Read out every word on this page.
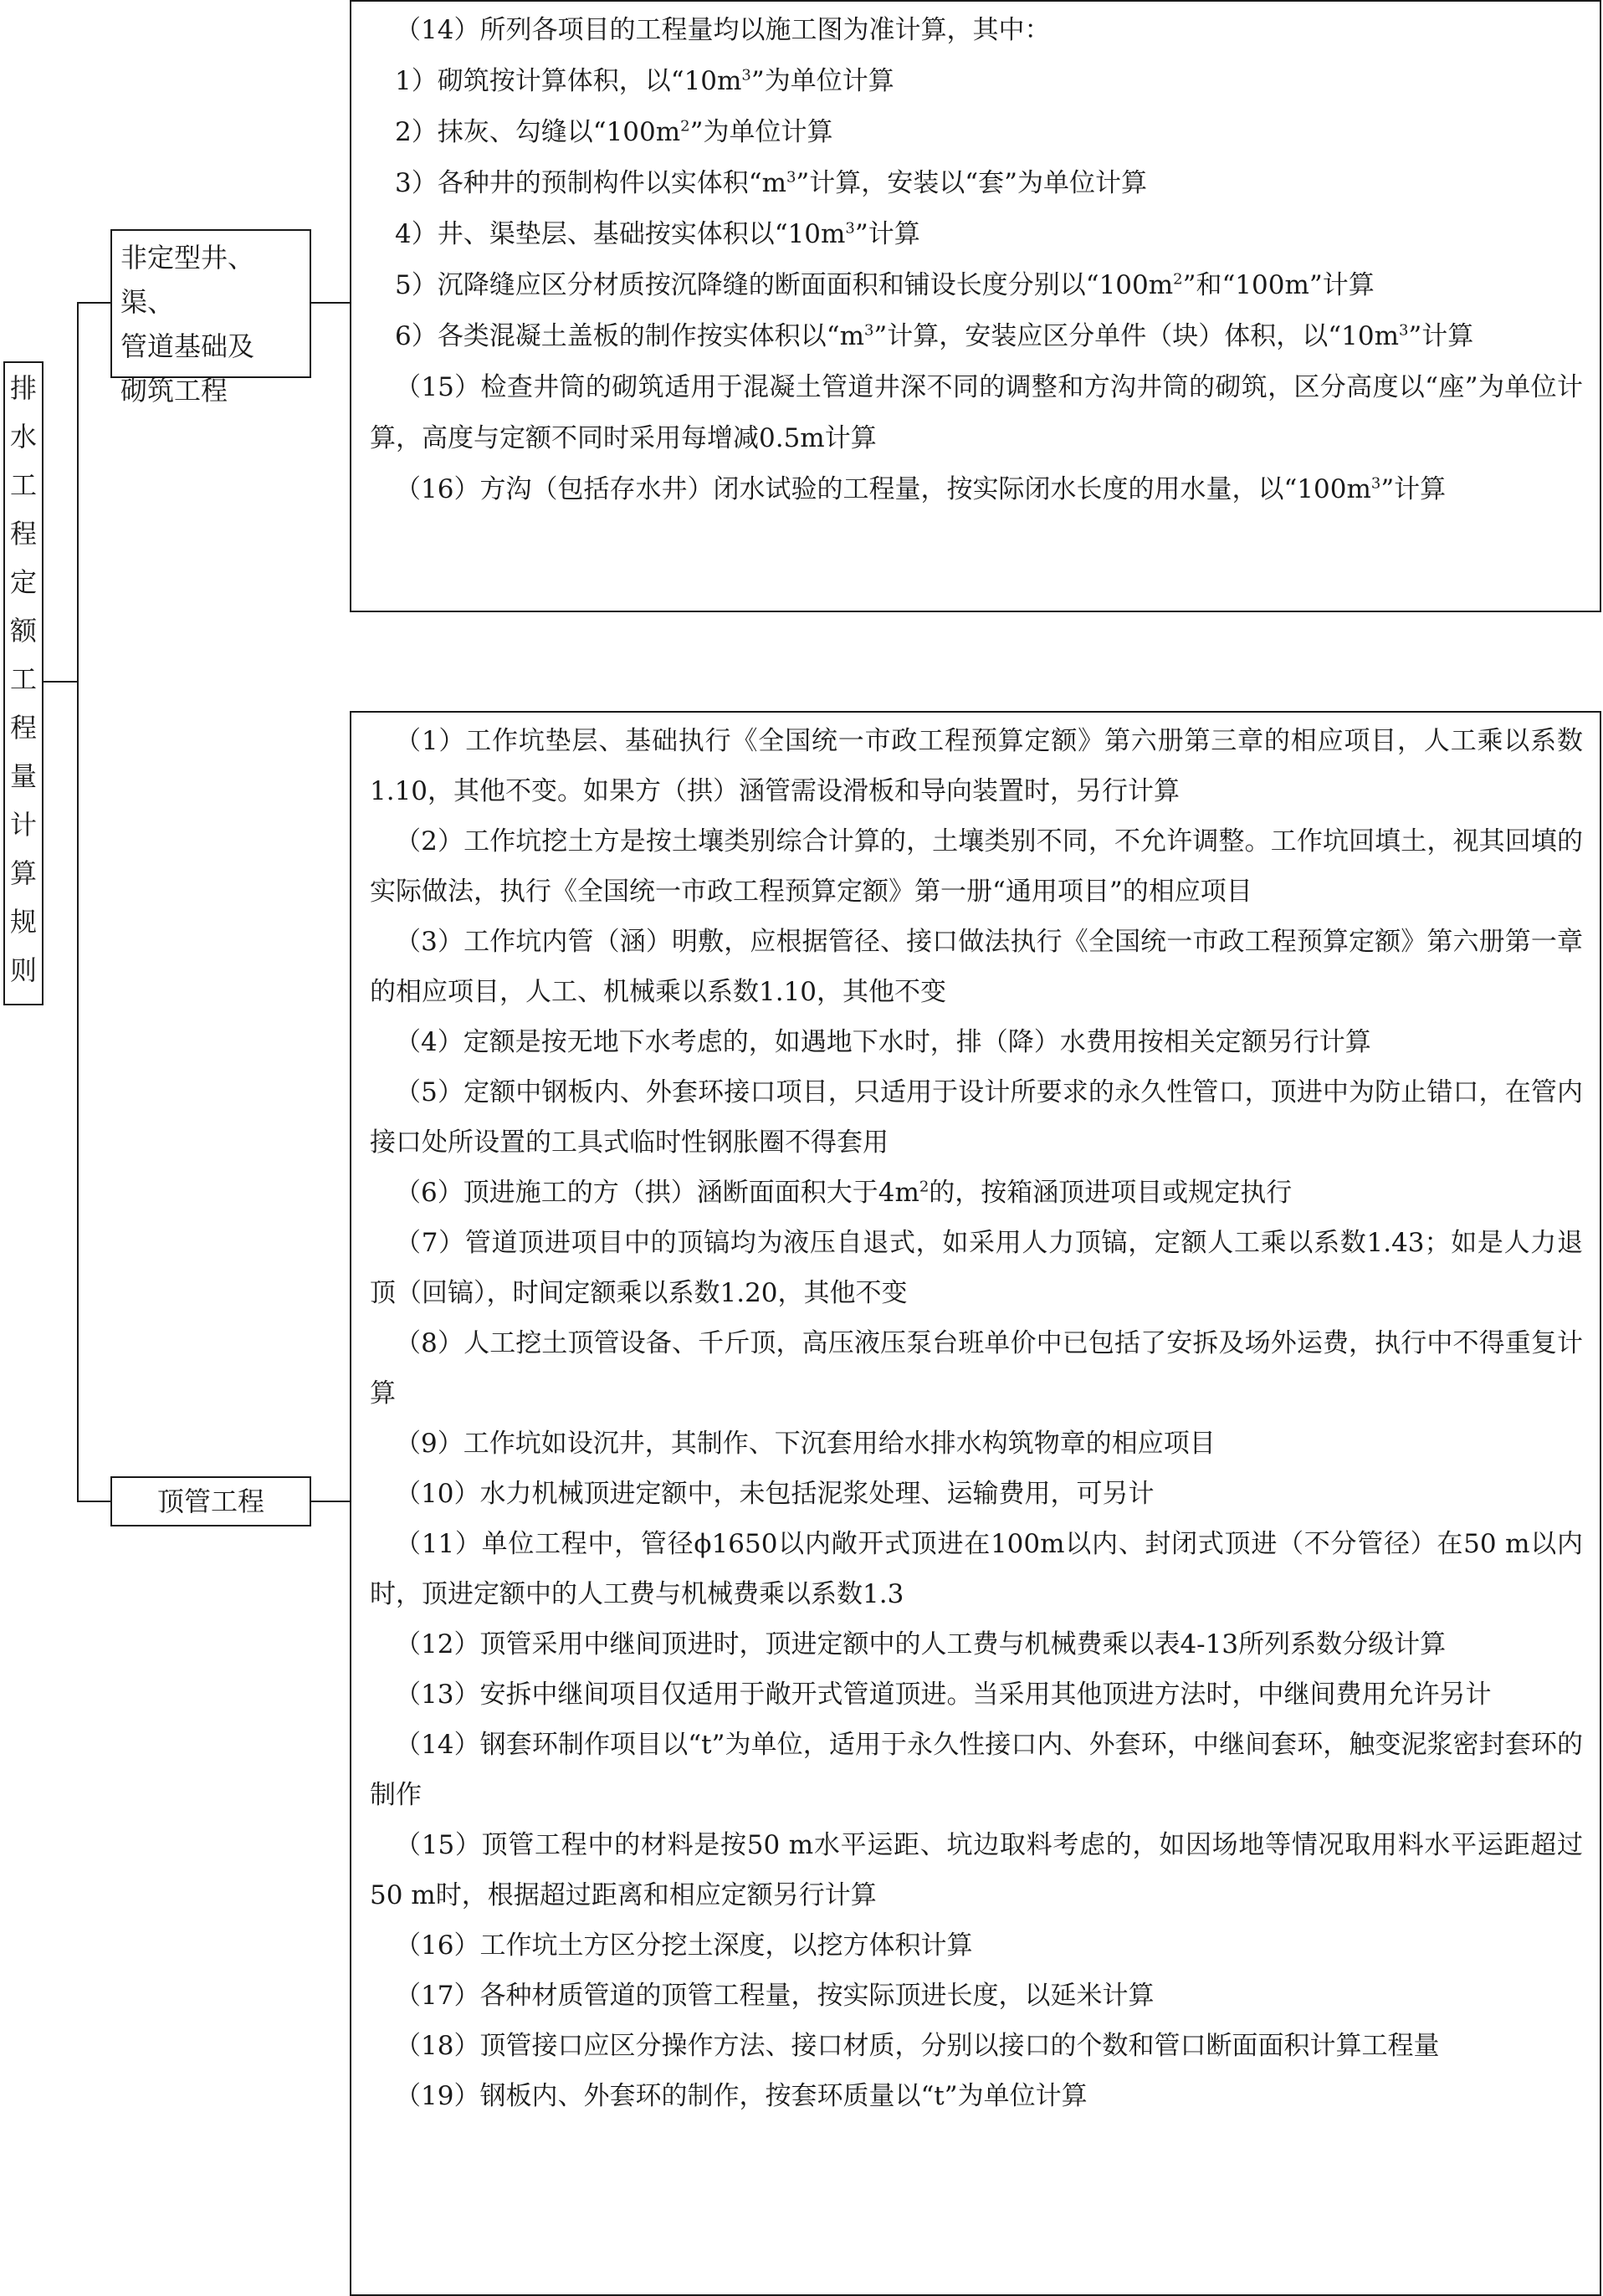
排
水
工
程
定
额
工
程
量
计
算
规
则
非定型井、渠、
管道基础及
砌筑工程
顶管工程

（14）所列各项目的工程量均以施工图为准计算，其中：

1）砌筑按计算体积，以“$10m^3$”为单位计算

2）抹灰、勾缝以“$100m^2$”为单位计算

3）各种井的预制构件以实体积“$m^3$”计算，安装以“套”为单位计算

4）井、渠垫层、基础按实体积以“$10m^3$”计算

5）沉降缝应区分材质按沉降缝的断面面积和铺设长度分别以“$100m^2$”和“100m”计算

6）各类混凝土盖板的制作按实体积以“$m^3$”计算，安装应区分单件（块）体积，以“$10m^3$”计算

（15）检查井筒的砌筑适用于混凝土管道井深不同的调整和方沟井筒的砌筑，区分高度以“座”为单位计算，高度与定额不同时采用每增减0.5m计算

（16）方沟（包括存水井）闭水试验的工程量，按实际闭水长度的用水量，以“$100m^3$”计算

（1）工作坑垫层、基础执行《全国统一市政工程预算定额》第六册第三章的相应项目，人工乘以系数1.10，其他不变。如果方（拱）涵管需设滑板和导向装置时，另行计算

（2）工作坑挖土方是按土壤类别综合计算的，土壤类别不同，不允许调整。工作坑回填土，视其回填的实际做法，执行《全国统一市政工程预算定额》第一册“通用项目”的相应项目

（3）工作坑内管（涵）明敷，应根据管径、接口做法执行《全国统一市政工程预算定额》第六册第一章的相应项目，人工、机械乘以系数1.10，其他不变

（4）定额是按无地下水考虑的，如遇地下水时，排（降）水费用按相关定额另行计算

（5）定额中钢板内、外套环接口项目，只适用于设计所要求的永久性管口，顶进中为防止错口，在管内接口处所设置的工具式临时性钢胀圈不得套用

（6）顶进施工的方（拱）涵断面面积大于$4m^2$的，按箱涵顶进项目或规定执行

（7）管道顶进项目中的顶镐均为液压自退式，如采用人力顶镐，定额人工乘以系数1.43；如是人力退顶（回镐），时间定额乘以系数1.20，其他不变

（8）人工挖土顶管设备、千斤顶，高压液压泵台班单价中已包括了安拆及场外运费，执行中不得重复计算

（9）工作坑如设沉井，其制作、下沉套用给水排水构筑物章的相应项目

（10）水力机械顶进定额中，未包括泥浆处理、运输费用，可另计

（11）单位工程中，管径ϕ1650以内敞开式顶进在100m以内、封闭式顶进（不分管径）在50 m以内时，顶进定额中的人工费与机械费乘以系数1.3

（12）顶管采用中继间顶进时，顶进定额中的人工费与机械费乘以表4-13所列系数分级计算

（13）安拆中继间项目仅适用于敞开式管道顶进。当采用其他顶进方法时，中继间费用允许另计

（14）钢套环制作项目以“t”为单位，适用于永久性接口内、外套环，中继间套环，触变泥浆密封套环的制作

（15）顶管工程中的材料是按50 m水平运距、坑边取料考虑的，如因场地等情况取用料水平运距超过50 m时，根据超过距离和相应定额另行计算

（16）工作坑土方区分挖土深度，以挖方体积计算

（17）各种材质管道的顶管工程量，按实际顶进长度，以延米计算

（18）顶管接口应区分操作方法、接口材质，分别以接口的个数和管口断面面积计算工程量

（19）钢板内、外套环的制作，按套环质量以“t”为单位计算
